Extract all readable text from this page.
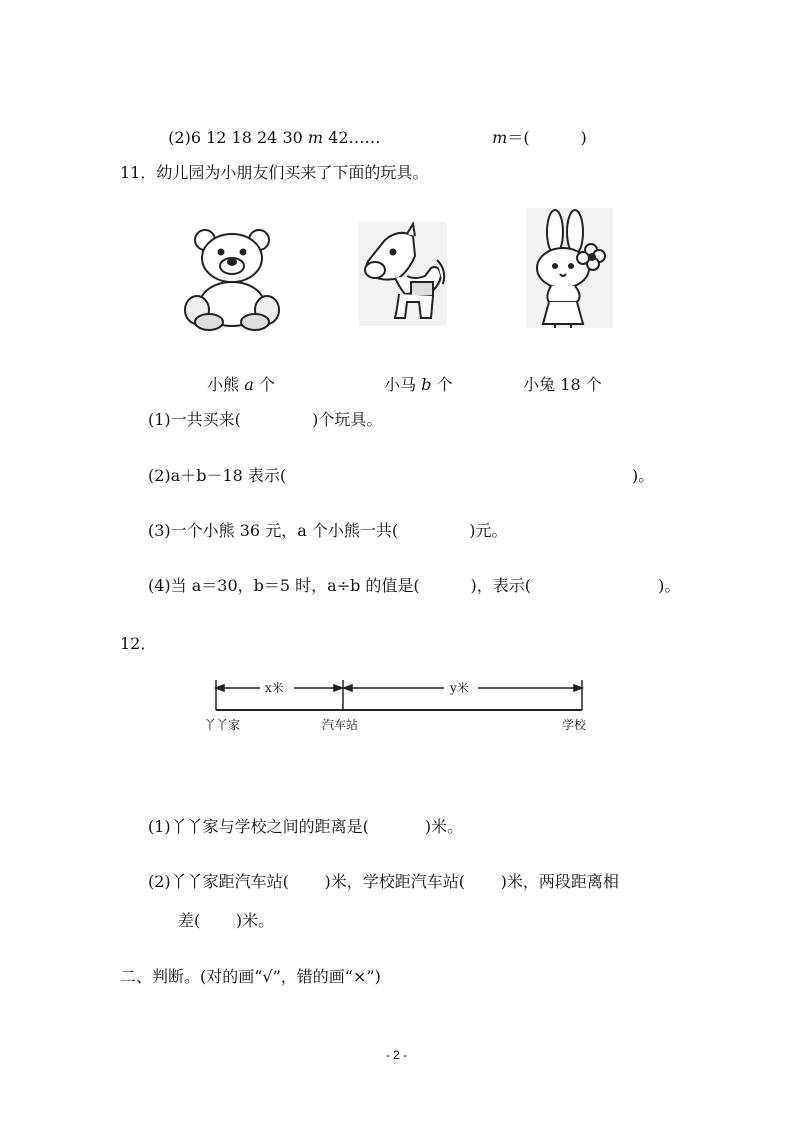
(2)6 12 18 24 30 m 42……	m＝(          )

11．幼儿园为小朋友们买来了下面的玩具。

小熊 a 个	小马 b 个	小兔 18 个

(1)一共买来(              )个玩具。
(2)a＋b－18 表示(                                                                    )。
(3)一个小熊 36 元，a 个小熊一共(              )元。
(4)当 a＝30，b＝5 时，a÷b 的值是(          )，表示(                         )。
12．
x米	y米
丫丫家	汽车站	学校
(1)丫丫家与学校之间的距离是(           )米。
(2)丫丫家距汽车站(       )米，学校距汽车站(       )米，两段距离相
差(       )米。
二、判断。(对的画“√”，错的画“×”)
- 2 -
